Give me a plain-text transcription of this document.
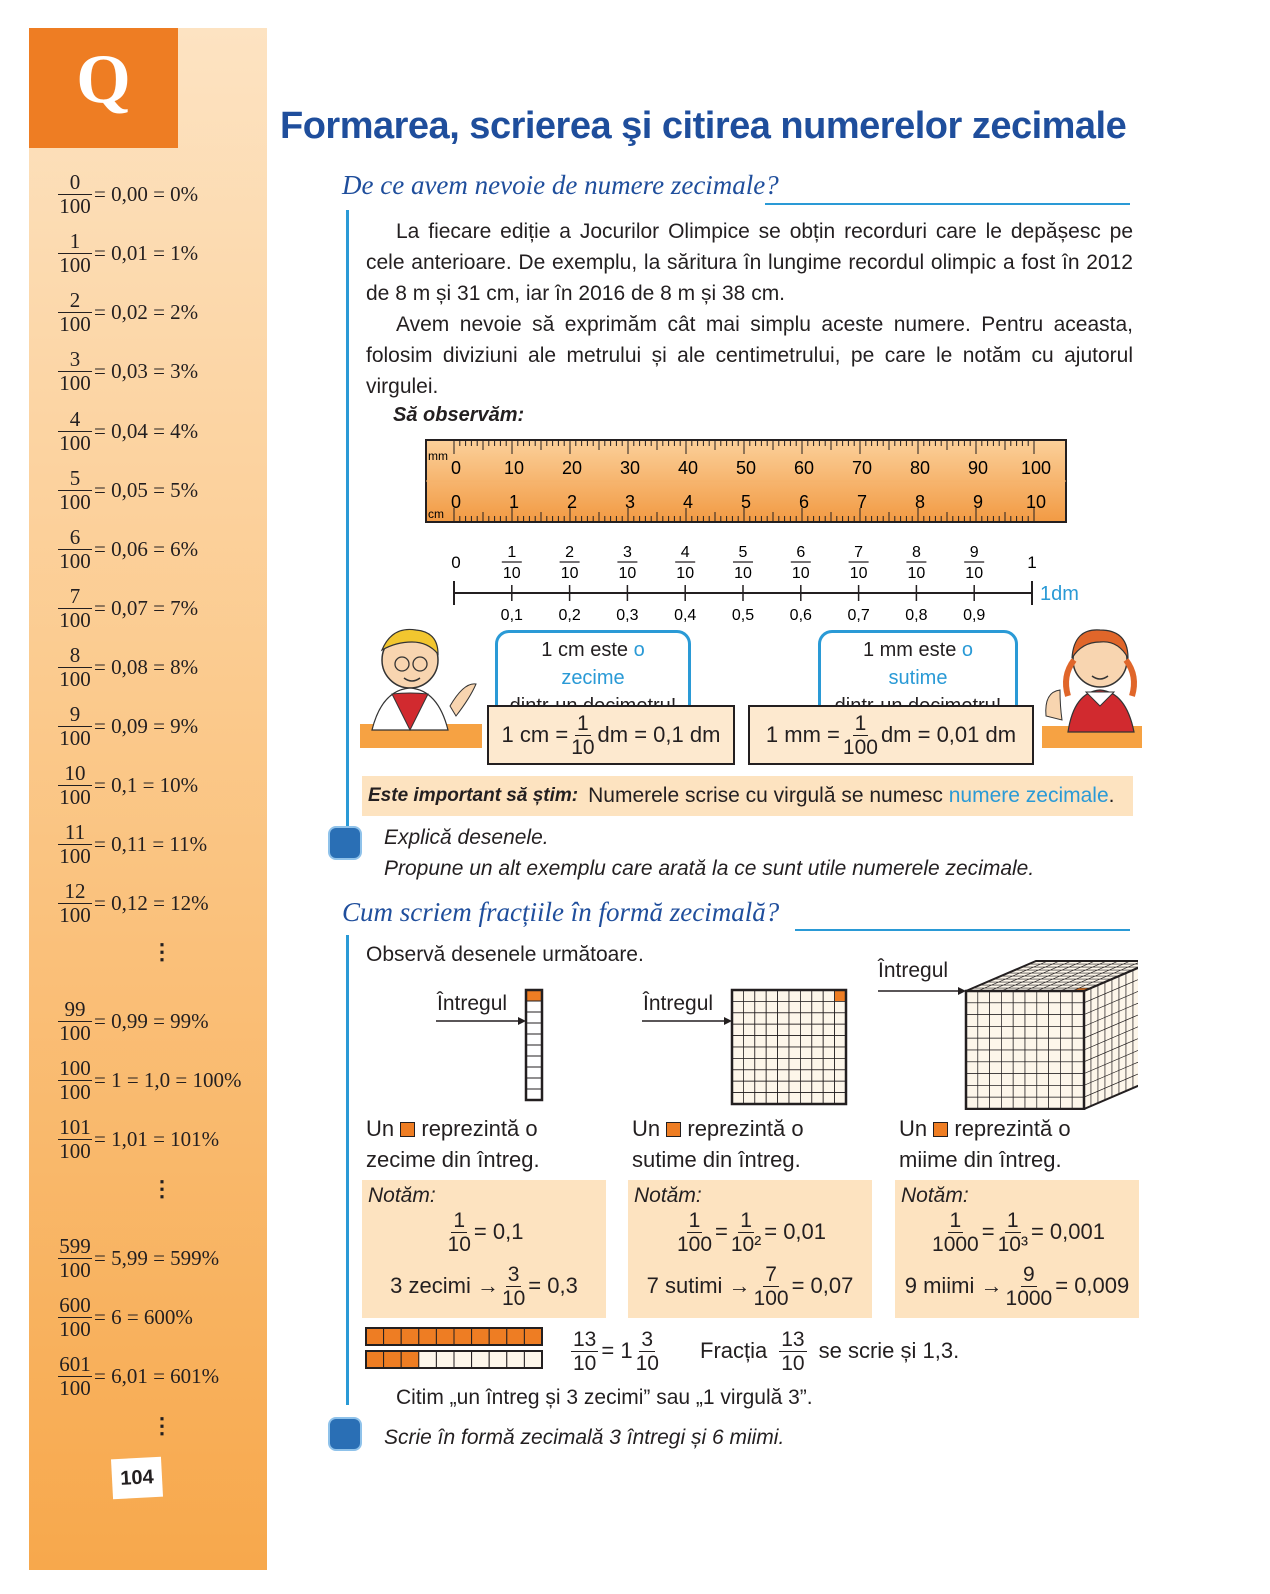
Q
$\frac{0}{100} = 0,00 = 0\%$
$\frac{1}{100} = 0,01 = 1\%$
$\frac{2}{100} = 0,02 = 2\%$
$\frac{3}{100} = 0,03 = 3\%$
$\frac{4}{100} = 0,04 = 4\%$
$\frac{5}{100} = 0,05 = 5\%$
$\frac{6}{100} = 0,06 = 6\%$
$\frac{7}{100} = 0,07 = 7\%$
$\frac{8}{100} = 0,08 = 8\%$
$\frac{9}{100} = 0,09 = 9\%$
$\frac{10}{100} = 0,1 = 10\%$
$\frac{11}{100} = 0,11 = 11\%$
$\frac{12}{100} = 0,12 = 12\%$
$\frac{99}{100} = 0,99 = 99\%$
$\frac{100}{100} = 1 = 1,0 = 100\%$
$\frac{101}{100} = 1,01 = 101\%$
$\frac{599}{100} = 5,99 = 599\%$
$\frac{600}{100} = 6 = 600\%$
$\frac{601}{100} = 6,01 = 601\%$
⋮
⋮
⋮
104
Formarea, scrierea şi citirea numerelor zecimale
De ce avem nevoie de numere zecimale?
La fiecare ediție a Jocurilor Olimpice se obțin recorduri care le depășesc pe cele anterioare. De exemplu, la săritura în lungime recordul olimpic a fost în 2012 de 8 m și 31 cm, iar în 2016 de 8 m și 38 cm.
Avem nevoie să exprimăm cât mai simplu aceste numere. Pentru aceasta, folosim diviziuni ale metrului și ale centimetrului, pe care le notăm cu ajutorul virgulei.
Să observăm:
mm
cm
0 10 20 30 40 50 60 70 80 90 100
0	1	2	3	4	5	6	7	8	9 10
0	1
1dm
1
10
0,1
2
10
0,2
3
10
0,3
4
10
0,4
5
10
0,5
6
10
0,6
7
10
0,7
8
10
0,8
9
10
0,9
1 cm este o zecime

1 mm este o sutime

1 cm = $\frac{1}{10}$ dm = 0,1 dm 1 mm = $\frac{1}{100}$ dm = 0,01 dm
Este important să știm: Numerele scrise cu virgulă se numesc
numere zecimale .
Explică desenele.
Propune un alt exemplu care arată la ce sunt utile numerele zecimale.
Cum scriem fracțiile în formă zecimală?
Observă desenele următoare.
Întregul	Întregul
Întregul
Un reprezintă o
zecime din întreg.
Notăm:
$\frac{1}{10} = 0,1$
3 zecimi → $\frac{3}{10} = 0,3$
Un reprezintă o
sutime din întreg.
Notăm:
1
$100 = \frac{1}{\text{10²}} = 0,01$
7 sutimi → $\frac{7}{100} = 0,07$
Un reprezintă o
miime din întreg.
Notăm:
1
$1000 = \frac{1}{\text{10³}} = 0,001$
9 miimi → $\frac{9}{1000} = 0,009$
$\frac{13}{10} = 1$ 3
10 Fracția 13
10 se scrie și 1,3.
Citim „un întreg și 3 zecimi” sau „1 virgulă 3”.
Scrie în formă zecimală 3 întregi și 6 miimi.
